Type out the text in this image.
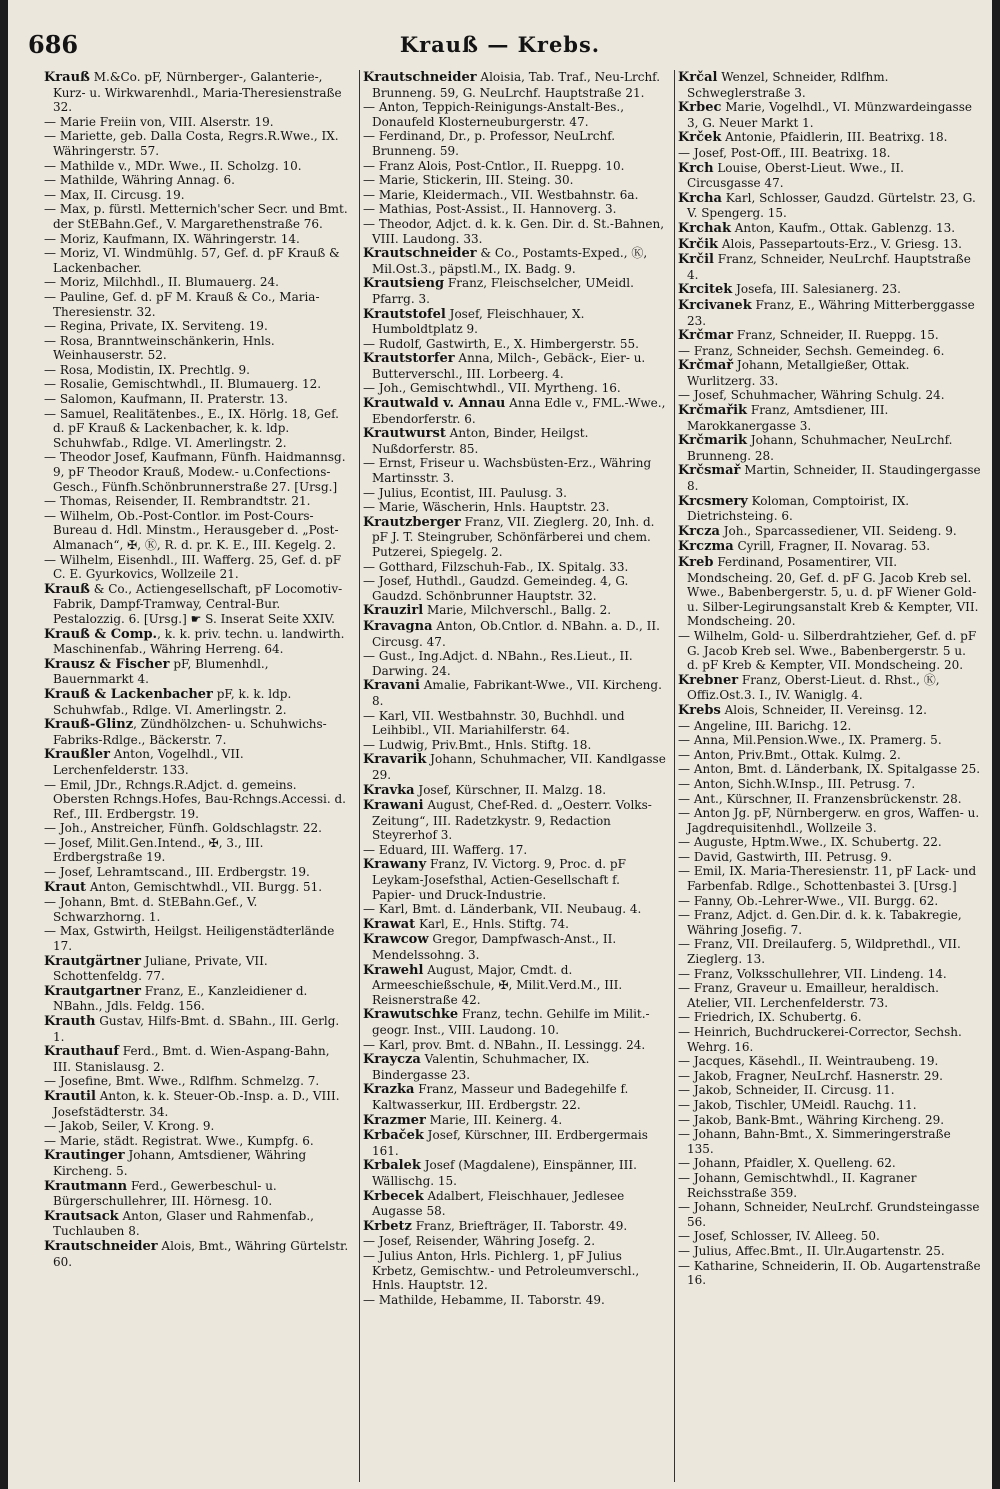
686	Krauß — Krebs.

Krauß M.&Co. pF, Nürnberger-, Galanterie-, Kurz- u. Wirkwarenhdl., Maria-Theresienstraße 32.

— Marie Freiin von, VIII. Alserstr. 19.

— Mariette, geb. Dalla Costa, Regrs.R.Wwe., IX. Währingerstr. 57.

— Mathilde v., MDr. Wwe., II. Scholzg. 10.

— Mathilde, Währing Annag. 6.

— Max, II. Circusg. 19.

— Max, p. fürstl. Metternich'scher Secr. und Bmt. der StEBahn.Gef., V. Margarethenstraße 76.

— Moriz, Kaufmann, IX. Währingerstr. 14.

— Moriz, VI. Windmühlg. 57, Gef. d. pF Krauß & Lackenbacher.

— Moriz, Milchhdl., II. Blumauerg. 24.

— Pauline, Gef. d. pF M. Krauß & Co., Maria-Theresienstr. 32.

— Regina, Private, IX. Serviteng. 19.

— Rosa, Branntweinschänkerin, Hnls. Weinhauserstr. 52.

— Rosa, Modistin, IX. Prechtlg. 9.

— Rosalie, Gemischtwhdl., II. Blumauerg. 12.

— Salomon, Kaufmann, II. Praterstr. 13.

— Samuel, Realitätenbes., E., IX. Hörlg. 18, Gef. d. pF Krauß & Lackenbacher, k. k. ldp. Schuhwfab., Rdlge. VI. Amerlingstr. 2.

— Theodor Josef, Kaufmann, Fünfh. Haidmannsg. 9, pF Theodor Krauß, Modew.- u.Confections-Gesch., Fünfh.Schönbrunnerstraße 27. [Ursg.]

— Thomas, Reisender, II. Rembrandtstr. 21.

— Wilhelm, Ob.-Post-Contlor. im Post-Cours-Bureau d. Hdl. Minstm., Herausgeber d. „Post-Almanach“, ✠, Ⓚ, R. d. pr. K. E., III. Kegelg. 2.

— Wilhelm, Eisenhdl., III. Wafferg. 25, Gef. d. pF C. E. Gyurkovics, Wollzeile 21.

Krauß & Co., Actiengesellschaft, pF Locomotiv-Fabrik, Dampf-Tramway, Central-Bur. Pestalozzig. 6. [Ursg.] ☛ S. Inserat Seite XXIV.

Krauß & Comp., k. k. priv. techn. u. landwirth. Maschinenfab., Währing Herreng. 64.

Krausz & Fischer pF, Blumenhdl., Bauernmarkt 4.

Krauß & Lackenbacher pF, k. k. ldp. Schuhwfab., Rdlge. VI. Amerlingstr. 2.

Krauß-Glinz, Zündhölzchen- u. Schuhwichs-Fabriks-Rdlge., Bäckerstr. 7.

Kraußler Anton, Vogelhdl., VII. Lerchenfelderstr. 133.

— Emil, JDr., Rchngs.R.Adjct. d. gemeins. Obersten Rchngs.Hofes, Bau-Rchngs.Accessi. d. Ref., III. Erdbergstr. 19.

— Joh., Anstreicher, Fünfh. Goldschlagstr. 22.

— Josef, Milit.Gen.Intend., ✠, 3., III. Erdbergstraße 19.

— Josef, Lehramtscand., III. Erdbergstr. 19.

Kraut Anton, Gemischtwhdl., VII. Burgg. 51.

— Johann, Bmt. d. StEBahn.Gef., V. Schwarzhorng. 1.

— Max, Gstwirth, Heilgst. Heiligenstädterlände 17.

Krautgärtner Juliane, Private, VII. Schottenfeldg. 77.

Krautgartner Franz, E., Kanzleidiener d. NBahn., Jdls. Feldg. 156.

Krauth Gustav, Hilfs-Bmt. d. SBahn., III. Gerlg. 1.

Krauthauf Ferd., Bmt. d. Wien-Aspang-Bahn, III. Stanislausg. 2.

— Josefine, Bmt. Wwe., Rdlfhm. Schmelzg. 7.

Krautil Anton, k. k. Steuer-Ob.-Insp. a. D., VIII. Josefstädterstr. 34.

— Jakob, Seiler, V. Krong. 9.

— Marie, städt. Registrat. Wwe., Kumpfg. 6.

Krautinger Johann, Amtsdiener, Währing Kircheng. 5.

Krautmann Ferd., Gewerbeschul- u. Bürgerschullehrer, III. Hörnesg. 10.

Krautsack Anton, Glaser und Rahmenfab., Tuchlauben 8.

Krautschneider Alois, Bmt., Währing Gürtelstr. 60.

Krautschneider Aloisia, Tab. Traf., Neu-Lrchf. Brunneng. 59, G. NeuLrchf. Hauptstraße 21.

— Anton, Teppich-Reinigungs-Anstalt-Bes., Donaufeld Klosterneuburgerstr. 47.

— Ferdinand, Dr., p. Professor, NeuLrchf. Brunneng. 59.

— Franz Alois, Post-Cntlor., II. Rueppg. 10.

— Marie, Stickerin, III. Steing. 30.

— Marie, Kleidermach., VII. Westbahnstr. 6a.

— Mathias, Post-Assist., II. Hannoverg. 3.

— Theodor, Adjct. d. k. k. Gen. Dir. d. St.-Bahnen, VIII. Laudong. 33.

Krautschneider & Co., Postamts-Exped., Ⓚ, Mil.Ost.3., päpstl.M., IX. Badg. 9.

Krautsieng Franz, Fleischselcher, UMeidl. Pfarrg. 3.

Krautstofel Josef, Fleischhauer, X. Humboldtplatz 9.

— Rudolf, Gastwirth, E., X. Himbergerstr. 55.

Krautstorfer Anna, Milch-, Gebäck-, Eier- u. Butterverschl., III. Lorbeerg. 4.

— Joh., Gemischtwhdl., VII. Myrtheng. 16.

Krautwald v. Annau Anna Edle v., FML.-Wwe., Ebendorferstr. 6.

Krautwurst Anton, Binder, Heilgst. Nußdorferstr. 85.

— Ernst, Friseur u. Wachsbüsten-Erz., Währing Martinsstr. 3.

— Julius, Econtist, III. Paulusg. 3.

— Marie, Wäscherin, Hnls. Hauptstr. 23.

Krautzberger Franz, VII. Zieglerg. 20, Inh. d. pF J. T. Steingruber, Schönfärberei und chem. Putzerei, Spiegelg. 2.

— Gotthard, Filzschuh-Fab., IX. Spitalg. 33.

— Josef, Huthdl., Gaudzd. Gemeindeg. 4, G. Gaudzd. Schönbrunner Hauptstr. 32.

Krauzirl Marie, Milchverschl., Ballg. 2.

Kravagna Anton, Ob.Cntlor. d. NBahn. a. D., II. Circusg. 47.

— Gust., Ing.Adjct. d. NBahn., Res.Lieut., II. Darwing. 24.

Kravani Amalie, Fabrikant-Wwe., VII. Kircheng. 8.

— Karl, VII. Westbahnstr. 30, Buchhdl. und Leihbibl., VII. Mariahilferstr. 64.

— Ludwig, Priv.Bmt., Hnls. Stiftg. 18.

Kravarik Johann, Schuhmacher, VII. Kandlgasse 29.

Kravka Josef, Kürschner, II. Malzg. 18.

Krawani August, Chef-Red. d. „Oesterr. Volks-Zeitung“, III. Radetzkystr. 9, Redaction Steyrerhof 3.

— Eduard, III. Wafferg. 17.

Krawany Franz, IV. Victorg. 9, Proc. d. pF Leykam-Josefsthal, Actien-Gesellschaft f. Papier- und Druck-Industrie.

— Karl, Bmt. d. Länderbank, VII. Neubaug. 4.

Krawat Karl, E., Hnls. Stiftg. 74.

Krawcow Gregor, Dampfwasch-Anst., II. Mendelssohng. 3.

Krawehl August, Major, Cmdt. d. Armeeschießschule, ✠, Milit.Verd.M., III. Reisnerstraße 42.

Krawutschke Franz, techn. Gehilfe im Milit.-geogr. Inst., VIII. Laudong. 10.

— Karl, prov. Bmt. d. NBahn., II. Lessingg. 24.

Kraycza Valentin, Schuhmacher, IX. Bindergasse 23.

Krazka Franz, Masseur und Badegehilfe f. Kaltwasserkur, III. Erdbergstr. 22.

Krazmer Marie, III. Keinerg. 4.

Krbaček Josef, Kürschner, III. Erdbergermais 161.

Krbalek Josef (Magdalene), Einspänner, III. Wällischg. 15.

Krbecek Adalbert, Fleischhauer, Jedlesee Augasse 58.

Krbetz Franz, Briefträger, II. Taborstr. 49.

— Josef, Reisender, Währing Josefg. 2.

— Julius Anton, Hrls. Pichlerg. 1, pF Julius Krbetz, Gemischtw.- und Petroleumverschl., Hnls. Hauptstr. 12.

— Mathilde, Hebamme, II. Taborstr. 49.

Krčal Wenzel, Schneider, Rdlfhm. Schweglerstraße 3.

Krbec Marie, Vogelhdl., VI. Münzwardeingasse 3, G. Neuer Markt 1.

Krček Antonie, Pfaidlerin, III. Beatrixg. 18.

— Josef, Post-Off., III. Beatrixg. 18.

Krch Louise, Oberst-Lieut. Wwe., II. Circusgasse 47.

Krcha Karl, Schlosser, Gaudzd. Gürtelstr. 23, G. V. Spengerg. 15.

Krchak Anton, Kaufm., Ottak. Gablenzg. 13.

Krčik Alois, Passepartouts-Erz., V. Griesg. 13.

Krčil Franz, Schneider, NeuLrchf. Hauptstraße 4.

Krcitek Josefa, III. Salesianerg. 23.

Krcivanek Franz, E., Währing Mitterberggasse 23.

Krčmar Franz, Schneider, II. Rueppg. 15.

— Franz, Schneider, Sechsh. Gemeindeg. 6.

Krčmař Johann, Metallgießer, Ottak. Wurlitzerg. 33.

— Josef, Schuhmacher, Währing Schulg. 24.

Krčmařik Franz, Amtsdiener, III. Marokkanergasse 3.

Krčmarik Johann, Schuhmacher, NeuLrchf. Brunneng. 28.

Krčsmař Martin, Schneider, II. Staudingergasse 8.

Krcsmery Koloman, Comptoirist, IX. Dietrichsteing. 6.

Krcza Joh., Sparcassediener, VII. Seideng. 9.

Krczma Cyrill, Fragner, II. Novarag. 53.

Kreb Ferdinand, Posamentirer, VII. Mondscheing. 20, Gef. d. pF G. Jacob Kreb sel. Wwe., Babenbergerstr. 5, u. d. pF Wiener Gold- u. Silber-Legirungsanstalt Kreb & Kempter, VII. Mondscheing. 20.

— Wilhelm, Gold- u. Silberdrahtzieher, Gef. d. pF G. Jacob Kreb sel. Wwe., Babenbergerstr. 5 u. d. pF Kreb & Kempter, VII. Mondscheing. 20.

Krebner Franz, Oberst-Lieut. d. Rhst., Ⓚ, Offiz.Ost.3. I., IV. Waniglg. 4.

Krebs Alois, Schneider, II. Vereinsg. 12.

— Angeline, III. Barichg. 12.

— Anna, Mil.Pension.Wwe., IX. Pramerg. 5.

— Anton, Priv.Bmt., Ottak. Kulmg. 2.

— Anton, Bmt. d. Länderbank, IX. Spitalgasse 25.

— Anton, Sichh.W.Insp., III. Petrusg. 7.

— Ant., Kürschner, II. Franzensbrückenstr. 28.

— Anton Jg. pF, Nürnbergerw. en gros, Waffen- u. Jagdrequisitenhdl., Wollzeile 3.

— Auguste, Hptm.Wwe., IX. Schubertg. 22.

— David, Gastwirth, III. Petrusg. 9.

— Emil, IX. Maria-Theresienstr. 11, pF Lack- und Farbenfab. Rdlge., Schottenbastei 3. [Ursg.]

— Fanny, Ob.-Lehrer-Wwe., VII. Burgg. 62.

— Franz, Adjct. d. Gen.Dir. d. k. k. Tabakregie, Währing Josefig. 7.

— Franz, VII. Dreilauferg. 5, Wildprethdl., VII. Zieglerg. 13.

— Franz, Volksschullehrer, VII. Lindeng. 14.

— Franz, Graveur u. Emailleur, heraldisch. Atelier, VII. Lerchenfelderstr. 73.

— Friedrich, IX. Schubertg. 6.

— Heinrich, Buchdruckerei-Corrector, Sechsh. Wehrg. 16.

— Jacques, Käsehdl., II. Weintraubeng. 19.

— Jakob, Fragner, NeuLrchf. Hasnerstr. 29.

— Jakob, Schneider, II. Circusg. 11.

— Jakob, Tischler, UMeidl. Rauchg. 11.

— Jakob, Bank-Bmt., Währing Kircheng. 29.

— Johann, Bahn-Bmt., X. Simmeringerstraße 135.

— Johann, Pfaidler, X. Quelleng. 62.

— Johann, Gemischtwhdl., II. Kagraner Reichsstraße 359.

— Johann, Schneider, NeuLrchf. Grundsteingasse 56.

— Josef, Schlosser, IV. Alleeg. 50.

— Julius, Affec.Bmt., II. Ulr.Augartenstr. 25.

— Katharine, Schneiderin, II. Ob. Augartenstraße 16.
